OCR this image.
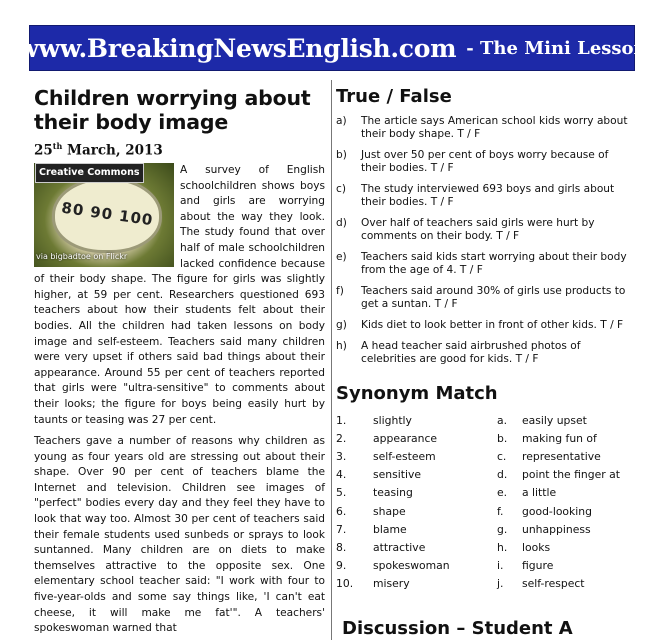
www.BreakingNewsEnglish.com - The Mini Lesson
Children worrying about their body image
25th March, 2013
80 90 100
Creative Commons
via bigbadtoe on Flickr

A survey of English schoolchildren shows boys and girls are worrying about the way they look. The study found that over half of male schoolchildren lacked confidence because of their body shape. The figure for girls was slightly higher, at 59 per cent. Researchers questioned 693 teachers about how their students felt about their bodies. All the children had taken lessons on body image and self-esteem. Teachers said many children were very upset if others said bad things about their appearance. Around 55 per cent of teachers reported that girls were "ultra-sensitive" to comments about their looks; the figure for boys being easily hurt by taunts or teasing was 27 per cent.

Teachers gave a number of reasons why children as young as four years old are stressing out about their shape. Over 90 per cent of teachers blame the Internet and television. Children see images of "perfect" bodies every day and they feel they have to look that way too. Almost 30 per cent of teachers said their female students used sunbeds or sprays to look suntanned. Many children are on diets to make themselves attractive to the opposite sex. One elementary school teacher said: "I work with four to five-year-olds and some say things like, 'I can't eat cheese, it will make me fat'". A teachers' spokeswoman warned that

True / False
a)	The article says American school kids worry about their body shape. T / F
b)	Just over 50 per cent of boys worry because of their bodies. T / F
c)	The study interviewed 693 boys and girls about their bodies. T / F
d)	Over half of teachers said girls were hurt by comments on their body. T / F
e)	Teachers said kids start worrying about their body from the age of 4. T / F
f)	Teachers said around 30% of girls use products to get a suntan. T / F
g)	Kids diet to look better in front of other kids. T / F
h)	A head teacher said airbrushed photos of celebrities are good for kids. T / F
Synonym Match
1.	slightly	a.	easily upset
2.	appearance	b.	making fun of
3.	self-esteem	c.	representative
4.	sensitive	d.	point the finger at
5.	teasing	e.	a little
6.	shape	f.	good-looking
7.	blame	g.	unhappiness
8.	attractive	h.	looks
9.	spokeswoman	i.	figure
10.	misery	j.	self-respect
Discussion – Student A
